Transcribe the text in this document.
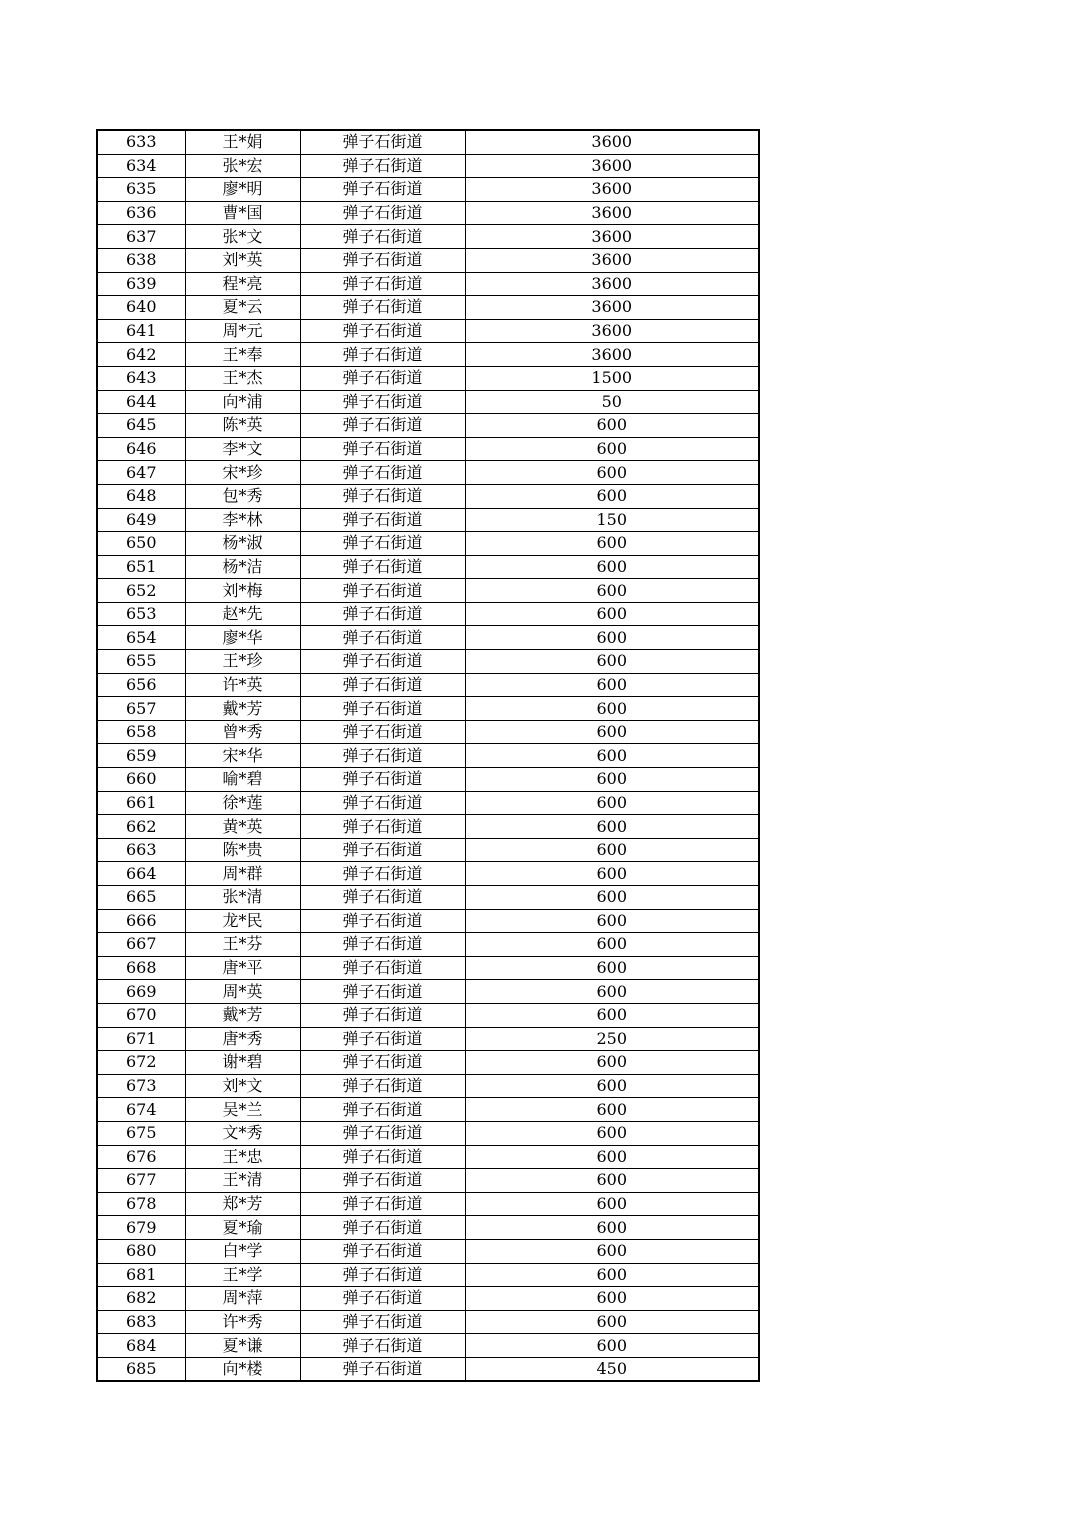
633	王*娟	弹子石街道	3600
634	张*宏	弹子石街道	3600
635	廖*明	弹子石街道	3600
636	曹*国	弹子石街道	3600
637	张*文	弹子石街道	3600
638	刘*英	弹子石街道	3600
639	程*亮	弹子石街道	3600
640	夏*云	弹子石街道	3600
641	周*元	弹子石街道	3600
642	王*奉	弹子石街道	3600
643	王*杰	弹子石街道	1500
644	向*浦	弹子石街道	50
645	陈*英	弹子石街道	600
646	李*文	弹子石街道	600
647	宋*珍	弹子石街道	600
648	包*秀	弹子石街道	600
649	李*林	弹子石街道	150
650	杨*淑	弹子石街道	600
651	杨*洁	弹子石街道	600
652	刘*梅	弹子石街道	600
653	赵*先	弹子石街道	600
654	廖*华	弹子石街道	600
655	王*珍	弹子石街道	600
656	许*英	弹子石街道	600
657	戴*芳	弹子石街道	600
658	曾*秀	弹子石街道	600
659	宋*华	弹子石街道	600
660	喻*碧	弹子石街道	600
661	徐*莲	弹子石街道	600
662	黄*英	弹子石街道	600
663	陈*贵	弹子石街道	600
664	周*群	弹子石街道	600
665	张*清	弹子石街道	600
666	龙*民	弹子石街道	600
667	王*芬	弹子石街道	600
668	唐*平	弹子石街道	600
669	周*英	弹子石街道	600
670	戴*芳	弹子石街道	600
671	唐*秀	弹子石街道	250
672	谢*碧	弹子石街道	600
673	刘*文	弹子石街道	600
674	吴*兰	弹子石街道	600
675	文*秀	弹子石街道	600
676	王*忠	弹子石街道	600
677	王*清	弹子石街道	600
678	郑*芳	弹子石街道	600
679	夏*瑜	弹子石街道	600
680	白*学	弹子石街道	600
681	王*学	弹子石街道	600
682	周*萍	弹子石街道	600
683	许*秀	弹子石街道	600
684	夏*谦	弹子石街道	600
685	向*楼	弹子石街道	450
